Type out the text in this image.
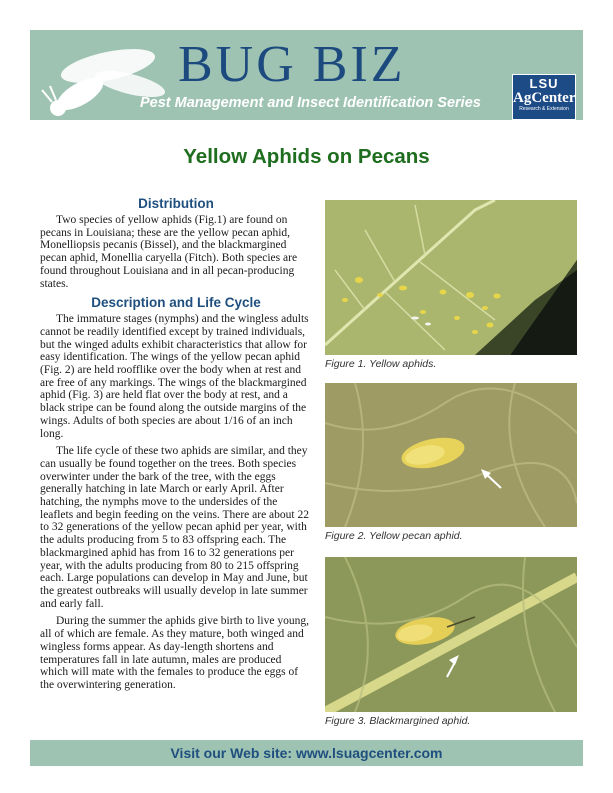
BUG BIZ
Pest Management and Insect Identification Series
LSU
AgCenter
Research & Extension
Yellow Aphids on Pecans
Distribution

Two species of yellow aphids (Fig.1) are found on pecans in Louisiana; these are the yellow pecan aphid, Monelliopsis pecanis (Bissel), and the blackmargined pecan aphid, Monellia caryella (Fitch). Both species are found throughout Louisiana and in all pecan-producing states.

Description and Life Cycle

The immature stages (nymphs) and the wingless adults cannot be readily identified except by trained individuals, but the winged adults exhibit characteristics that allow for easy identification. The wings of the yellow pecan aphid (Fig. 2) are held roofflike over the body when at rest and are free of any markings. The wings of the blackmargined aphid (Fig. 3) are held flat over the body at rest, and a black stripe can be found along the outside margins of the wings. Adults of both species are about 1/16 of an inch long.

The life cycle of these two aphids are similar, and they can usually be found together on the trees. Both species overwinter under the bark of the tree, with the eggs generally hatching in late March or early April. After hatching, the nymphs move to the undersides of the leaflets and begin feeding on the veins. There are about 22 to 32 generations of the yellow pecan aphid per year, with the adults producing from 5 to 83 offspring each. The blackmargined aphid has from 16 to 32 generations per year, with the adults producing from 80 to 215 offspring each. Large populations can develop in May and June, but the greatest outbreaks will usually develop in late summer and early fall.

During the summer the aphids give birth to live young, all of which are female. As they mature, both winged and wingless forms appear. As day-length shortens and temperatures fall in late autumn, males are produced which will mate with the females to produce the eggs of the overwintering generation.

Figure 1. Yellow aphids.
Figure 2. Yellow pecan aphid.
Figure 3. Blackmargined aphid.
Visit our Web site: www.lsuagcenter.com
